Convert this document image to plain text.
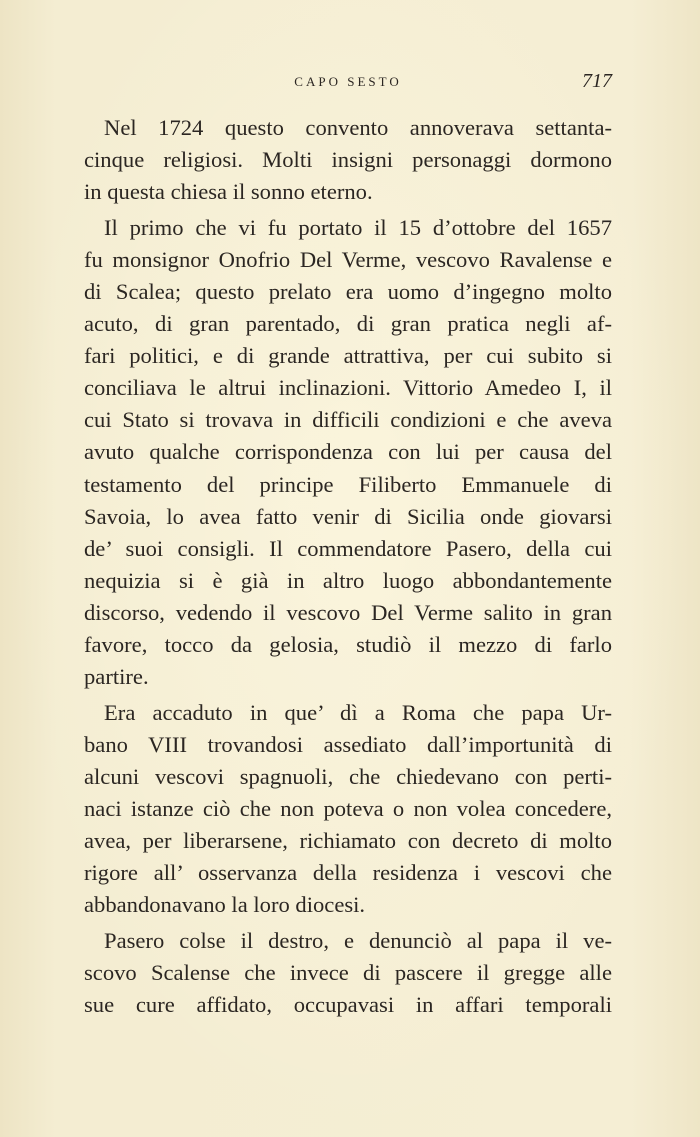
CAPO SESTO	717
Nel 1724 questo convento annoverava settanta-
cinque religiosi. Molti insigni personaggi dormono
in questa chiesa il sonno eterno.
Il primo che vi fu portato il 15 d’ottobre del 1657
fu monsignor Onofrio Del Verme, vescovo Ravalense e
di Scalea; questo prelato era uomo d’ingegno molto
acuto, di gran parentado, di gran pratica negli af-
fari politici, e di grande attrattiva, per cui subito si
conciliava le altrui inclinazioni. Vittorio Amedeo I, il
cui Stato si trovava in difficili condizioni e che aveva
avuto qualche corrispondenza con lui per causa del
testamento del principe Filiberto Emmanuele di
Savoia, lo avea fatto venir di Sicilia onde giovarsi
de’ suoi consigli. Il commendatore Pasero, della cui
nequizia si è già in altro luogo abbondantemente
discorso, vedendo il vescovo Del Verme salito in gran
favore, tocco da gelosia, studiò il mezzo di farlo
partire.
Era accaduto in que’ dì a Roma che papa Ur-
bano VIII trovandosi assediato dall’importunità di
alcuni vescovi spagnuoli, che chiedevano con perti-
naci istanze ciò che non poteva o non volea concedere,
avea, per liberarsene, richiamato con decreto di molto
rigore all’ osservanza della residenza i vescovi che
abbandonavano la loro diocesi.
Pasero colse il destro, e denunciò al papa il ve-
scovo Scalense che invece di pascere il gregge alle
sue cure affidato, occupavasi in affari temporali
